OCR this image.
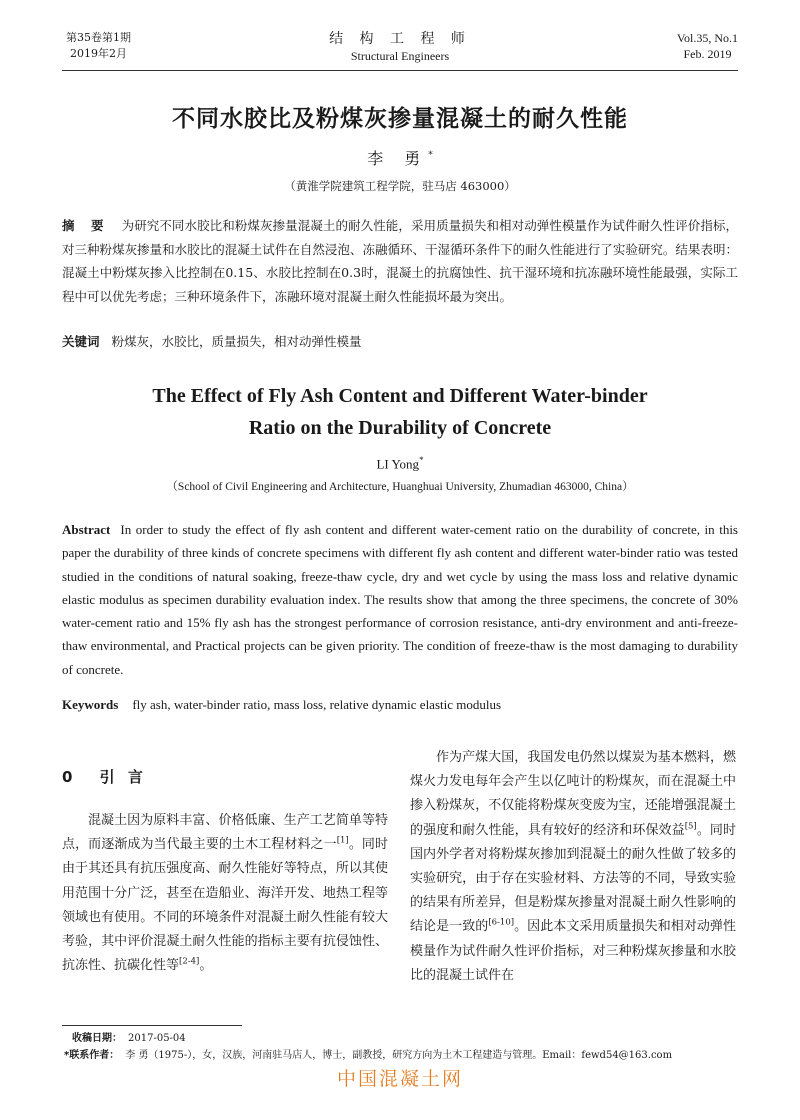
第35卷第1期
2019年2月
结 构 工 程 师
Structural Engineers
Vol.35, No.1
Feb. 2019
不同水胶比及粉煤灰掺量混凝土的耐久性能
李 勇*
（黄淮学院建筑工程学院，驻马店 463000）
摘 要 为研究不同水胶比和粉煤灰掺量混凝土的耐久性能，采用质量损失和相对动弹性模量作为试件耐久性评价指标，对三种粉煤灰掺量和水胶比的混凝土试件在自然浸泡、冻融循环、干湿循环条件下的耐久性能进行了实验研究。结果表明：混凝土中粉煤灰掺入比控制在0.15、水胶比控制在0.3时，混凝土的抗腐蚀性、抗干湿环境和抗冻融环境性能最强，实际工程中可以优先考虑；三种环境条件下，冻融环境对混凝土耐久性能损坏最为突出。
关键词 粉煤灰，水胶比，质量损失，相对动弹性模量
The Effect of Fly Ash Content and Different Water-binder
Ratio on the Durability of Concrete
LI Yong*
（School of Civil Engineering and Architecture, Huanghuai University, Zhumadian 463000, China）
Abstract In order to study the effect of fly ash content and different water-cement ratio on the durability of concrete, in this paper the durability of three kinds of concrete specimens with different fly ash content and different water-binder ratio was tested studied in the conditions of natural soaking, freeze-thaw cycle, dry and wet cycle by using the mass loss and relative dynamic elastic modulus as specimen durability evaluation index. The results show that among the three specimens, the concrete of 30% water-cement ratio and 15% fly ash has the strongest performance of corrosion resistance, anti-dry environment and anti-freeze-thaw environmental, and Practical projects can be given priority. The condition of freeze-thaw is the most damaging to durability of concrete.
Keywords fly ash, water-binder ratio, mass loss, relative dynamic elastic modulus
0 引 言

混凝土因为原料丰富、价格低廉、生产工艺简单等特点，而逐渐成为当代最主要的土木工程材料之一[1]。同时由于其还具有抗压强度高、耐久性能好等特点，所以其使用范围十分广泛，甚至在造船业、海洋开发、地热工程等领域也有使用。不同的环境条件对混凝土耐久性能有较大考验，其中评价混凝土耐久性能的指标主要有抗侵蚀性、抗冻性、抗碳化性等[2-4]。

作为产煤大国，我国发电仍然以煤炭为基本燃料，燃煤火力发电每年会产生以亿吨计的粉煤灰，而在混凝土中掺入粉煤灰，不仅能将粉煤灰变废为宝，还能增强混凝土的强度和耐久性能，具有较好的经济和环保效益[5]。同时国内外学者对将粉煤灰掺加到混凝土的耐久性做了较多的实验研究，由于存在实验材料、方法等的不同，导致实验的结果有所差异，但是粉煤灰掺量对混凝土耐久性影响的结论是一致的[6-10]。因此本文采用质量损失和相对动弹性模量作为试件耐久性评价指标，对三种粉煤灰掺量和水胶比的混凝土试件在

收稿日期： 2017-05-04
*联系作者： 李 勇（1975-），女，汉族，河南驻马店人，博士，副教授，研究方向为土木工程建造与管理。Email：fewd54@163.com
中国混凝土网
